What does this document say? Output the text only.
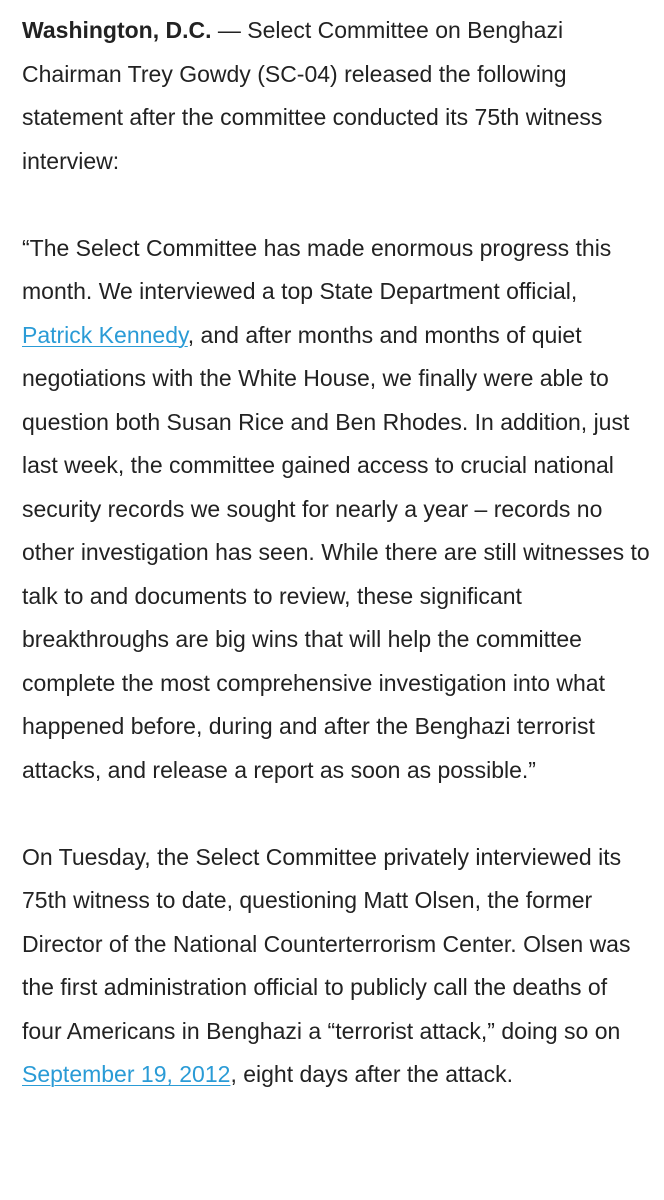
Washington, D.C. — Select Committee on Benghazi Chairman Trey Gowdy (SC-04) released the following statement after the committee conducted its 75th witness interview:

“The Select Committee has made enormous progress this month. We interviewed a top State Department official, Patrick Kennedy, and after months and months of quiet negotiations with the White House, we finally were able to question both Susan Rice and Ben Rhodes. In addition, just last week, the committee gained access to crucial national security records we sought for nearly a year – records no other investigation has seen. While there are still witnesses to talk to and documents to review, these significant breakthroughs are big wins that will help the committee complete the most comprehensive investigation into what happened before, during and after the Benghazi terrorist attacks, and release a report as soon as possible.”

On Tuesday, the Select Committee privately interviewed its 75th witness to date, questioning Matt Olsen, the former Director of the National Counterterrorism Center. Olsen was the first administration official to publicly call the deaths of four Americans in Benghazi a “terrorist attack,” doing so on September 19, 2012, eight days after the attack.
